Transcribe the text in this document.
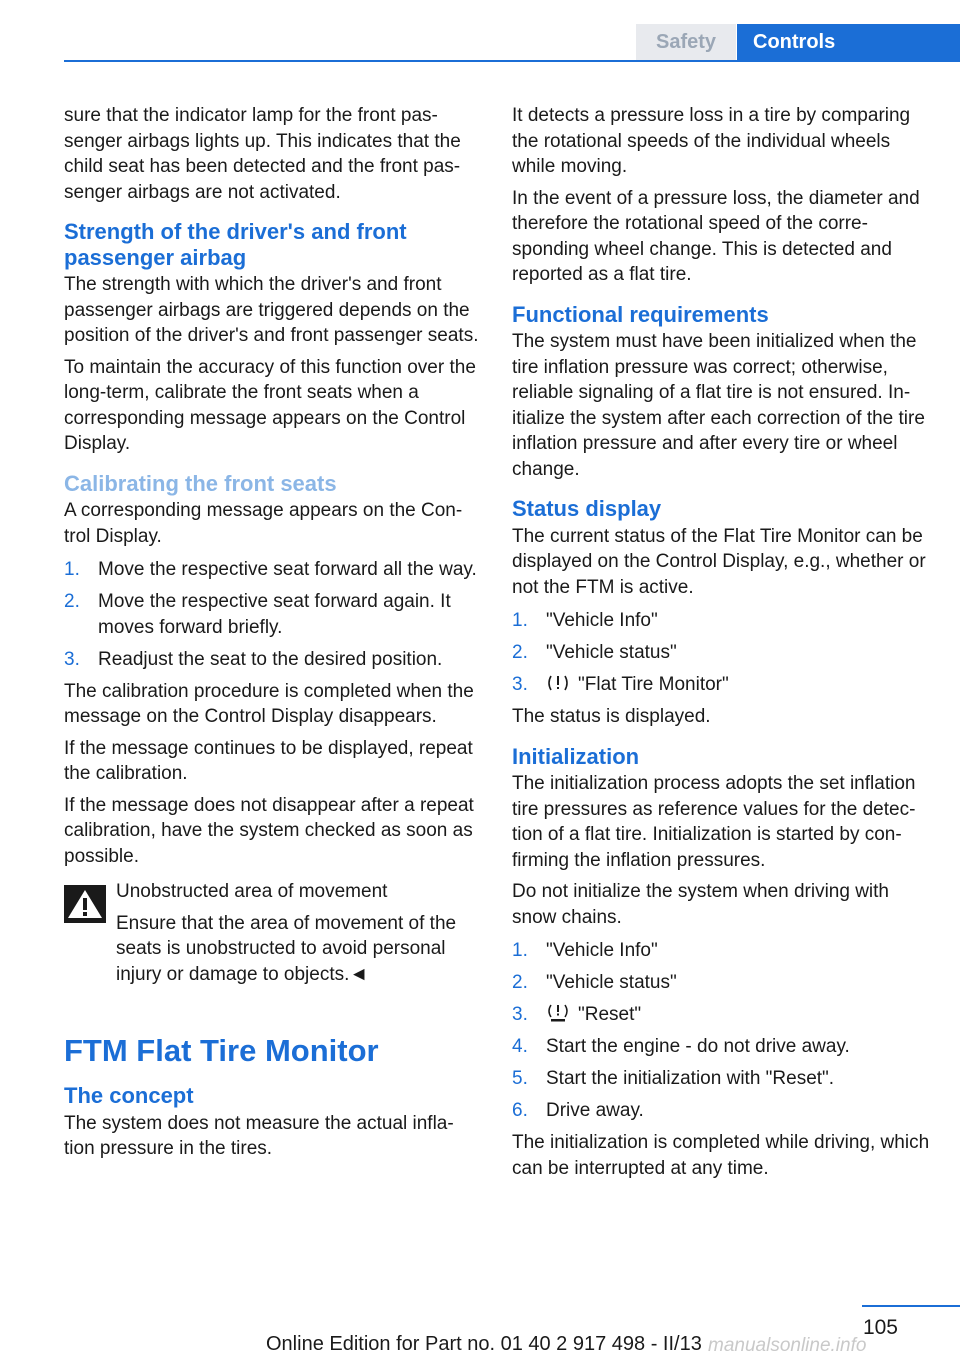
Safety Controls

sure that the indicator lamp for the front pas-senger airbags lights up. This indicates that the child seat has been detected and the front pas-senger airbags are not activated.

Strength of the driver's and front passenger airbag

The strength with which the driver's and front passenger airbags are triggered depends on the position of the driver's and front passenger seats.

To maintain the accuracy of this function over the long-term, calibrate the front seats when a corresponding message appears on the Control Display.

Calibrating the front seats

A corresponding message appears on the Con-trol Display.

1. Move the respective seat forward all the way.
2. Move the respective seat forward again. It moves forward briefly.
3. Readjust the seat to the desired position.

The calibration procedure is completed when the message on the Control Display disappears.

If the message continues to be displayed, repeat the calibration.

If the message does not disappear after a repeat calibration, have the system checked as soon as possible.

Unobstructed area of movement

Ensure that the area of movement of the seats is unobstructed to avoid personal injury or damage to objects.◄

FTM Flat Tire Monitor
The concept

The system does not measure the actual infla-tion pressure in the tires.

It detects a pressure loss in a tire by comparing the rotational speeds of the individual wheels while moving.

In the event of a pressure loss, the diameter and therefore the rotational speed of the corre-sponding wheel change. This is detected and reported as a flat tire.

Functional requirements

The system must have been initialized when the tire inflation pressure was correct; otherwise, reliable signaling of a flat tire is not ensured. In-itialize the system after each correction of the tire inflation pressure and after every tire or wheel change.

Status display

The current status of the Flat Tire Monitor can be displayed on the Control Display, e.g., whether or not the FTM is active.

1. "Vehicle Info"
2. "Vehicle status"
3.	"Flat Tire Monitor"

The status is displayed.

Initialization

The initialization process adopts the set inflation tire pressures as reference values for the detec-tion of a flat tire. Initialization is started by con-firming the inflation pressures.

Do not initialize the system when driving with snow chains.

1. "Vehicle Info"
2. "Vehicle status"
3.	"Reset"
4. Start the engine - do not drive away.
5. Start the initialization with "Reset".
6. Drive away.

The initialization is completed while driving, which can be interrupted at any time.

105
Online Edition for Part no. 01 40 2 917 498 - II/13 manualsonline.info
